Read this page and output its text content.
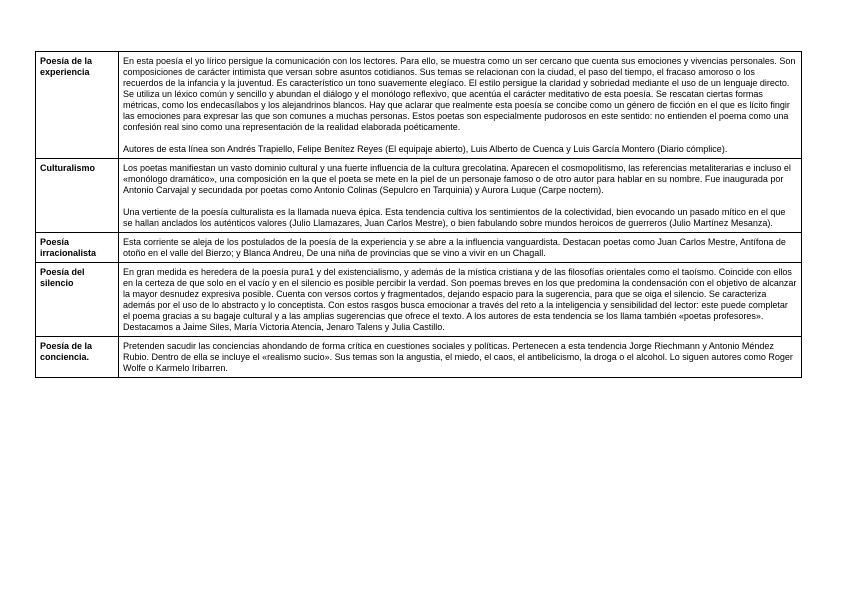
Poesía de la experiencia	En esta poesía el yo lírico persigue la comunicación con los lectores. Para ello, se muestra como un ser cercano que cuenta sus emociones y vivencias personales. Son composiciones de carácter intimista que versan sobre asuntos cotidianos. Sus temas se relacionan con la ciudad, el paso del tiempo, el fracaso amoroso o los recuerdos de la infancia y la juventud. Es característico un tono suavemente elegíaco. El estilo persigue la claridad y sobriedad mediante el uso de un lenguaje directo. Se utiliza un léxico común y sencillo y abundan el diálogo y el monólogo reflexivo, que acentúa el carácter meditativo de esta poesía. Se rescatan ciertas formas métricas, como los endecasílabos y los alejandrinos blancos. Hay que aclarar que realmente esta poesía se concibe como un género de ficción en el que es lícito fingir las emociones para expresar las que son comunes a muchas personas. Estos poetas son especialmente pudorosos en este sentido: no entienden el poema como una confesión real sino como una representación de la realidad elaborada poéticamente.

Autores de esta línea son Andrés Trapiello, Felipe Benítez Reyes (El equipaje abierto), Luis Alberto de Cuenca y Luis García Montero (Diario cómplice).

Culturalismo	Los poetas manifiestan un vasto dominio cultural y una fuerte influencia de la cultura grecolatina. Aparecen el cosmopolitismo, las referencias metaliterarias e incluso el «monólogo dramático», una composición en la que el poeta se mete en la piel de un personaje famoso o de otro autor para hablar en su nombre. Fue inaugurada por Antonio Carvajal y secundada por poetas como Antonio Colinas (Sepulcro en Tarquinia) y Aurora Luque (Carpe noctem).

Una vertiente de la poesía culturalista es la llamada nueva épica. Esta tendencia cultiva los sentimientos de la colectividad, bien evocando un pasado mítico en el que se hallan anclados los auténticos valores (Julio Llamazares, Juan Carlos Mestre), o bien fabulando sobre mundos heroicos de guerreros (Julio Martínez Mesanza).

Poesía irracionalista	Esta corriente se aleja de los postulados de la poesía de la experiencia y se abre a la influencia vanguardista. Destacan poetas como Juan Carlos Mestre, Antífona de otoño en el valle del Bierzo; y Blanca Andreu, De una niña de provincias que se vino a vivir en un Chagall.

Poesía del silencio	En gran medida es heredera de la poesía pura1 y del existencialismo, y además de la mística cristiana y de las filosofías orientales como el taoísmo. Coincide con ellos en la certeza de que solo en el vacío y en el silencio es posible percibir la verdad. Son poemas breves en los que predomina la condensación con el objetivo de alcanzar la mayor desnudez expresiva posible. Cuenta con versos cortos y fragmentados, dejando espacio para la sugerencia, para que se oiga el silencio. Se caracteriza además por el uso de lo abstracto y lo conceptista. Con estos rasgos busca emocionar a través del reto a la inteligencia y sensibilidad del lector: este puede completar el poema gracias a su bagaje cultural y a las amplias sugerencias que ofrece el texto. A los autores de esta tendencia se los llama también «poetas profesores». Destacamos a Jaime Siles, María Victoria Atencia, Jenaro Talens y Julia Castillo.

Poesía de la conciencia.	Pretenden sacudir las conciencias ahondando de forma crítica en cuestiones sociales y políticas. Pertenecen a esta tendencia Jorge Riechmann y Antonio Méndez Rubio. Dentro de ella se incluye el «realismo sucio». Sus temas son la angustia, el miedo, el caos, el antibelicismo, la droga o el alcohol. Lo siguen autores como Roger Wolfe o Karmelo Iribarren.
